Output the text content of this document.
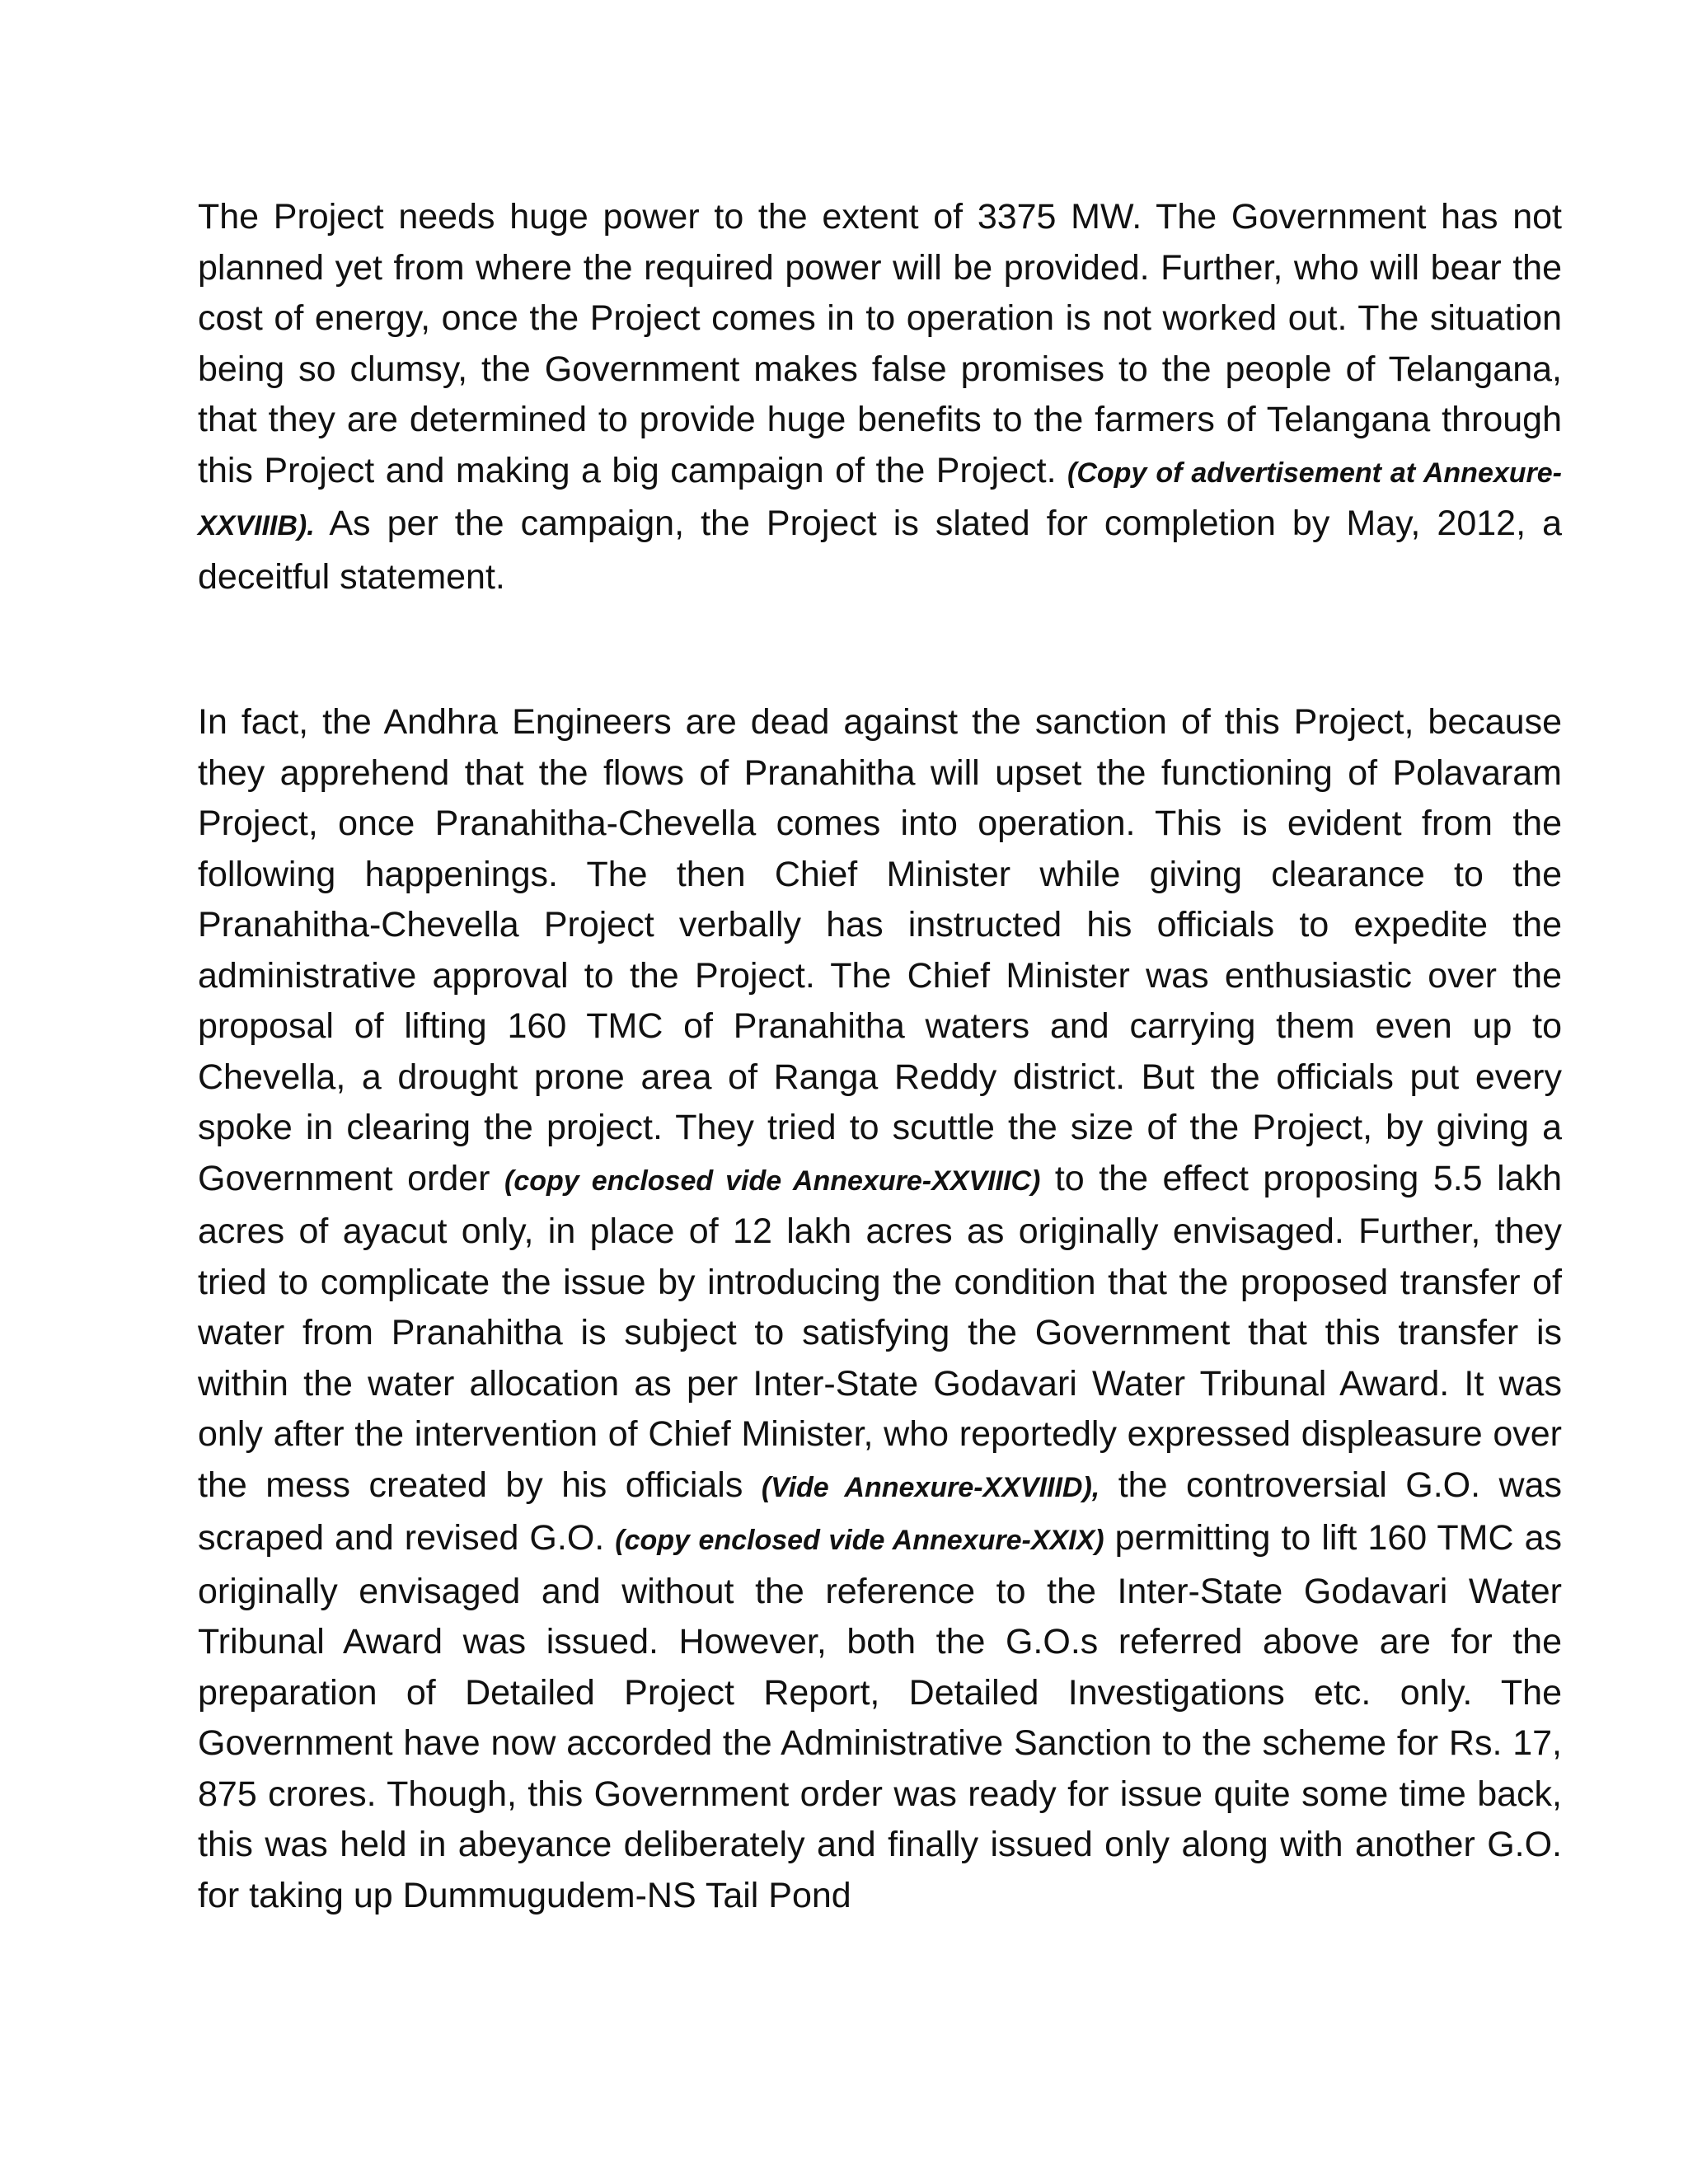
The Project needs huge power to the extent of 3375 MW. The Government has not planned yet from where the required power will be provided. Further, who will bear the cost of energy, once the Project comes in to operation is not worked out. The situation being so clumsy, the Government makes false promises to the people of Telangana, that they are determined to provide huge benefits to the farmers of Telangana through this Project and making a big campaign of the Project. (Copy of advertisement at Annexure-XXVIIIB). As per the campaign, the Project is slated for completion by May, 2012, a deceitful statement.

In fact, the Andhra Engineers are dead against the sanction of this Project, because they apprehend that the flows of Pranahitha will upset the functioning of Polavaram Project, once Pranahitha-Chevella comes into operation. This is evident from the following happenings. The then Chief Minister while giving clearance to the Pranahitha-Chevella Project verbally has instructed his officials to expedite the administrative approval to the Project. The Chief Minister was enthusiastic over the proposal of lifting 160 TMC of Pranahitha waters and carrying them even up to Chevella, a drought prone area of Ranga Reddy district. But the officials put every spoke in clearing the project. They tried to scuttle the size of the Project, by giving a Government order (copy enclosed vide Annexure-XXVIIIC) to the effect proposing 5.5 lakh acres of ayacut only, in place of 12 lakh acres as originally envisaged. Further, they tried to complicate the issue by introducing the condition that the proposed transfer of water from Pranahitha is subject to satisfying the Government that this transfer is within the water allocation as per Inter-State Godavari Water Tribunal Award. It was only after the intervention of Chief Minister, who reportedly expressed displeasure over the mess created by his officials (Vide Annexure-XXVIIID), the controversial G.O. was scraped and revised G.O. (copy enclosed vide Annexure-XXIX) permitting to lift 160 TMC as originally envisaged and without the reference to the Inter-State Godavari Water Tribunal Award was issued. However, both the G.O.s referred above are for the preparation of Detailed Project Report, Detailed Investigations etc. only. The Government have now accorded the Administrative Sanction to the scheme for Rs. 17, 875 crores. Though, this Government order was ready for issue quite some time back, this was held in abeyance deliberately and finally issued only along with another G.O. for taking up Dummugudem-NS Tail Pond
